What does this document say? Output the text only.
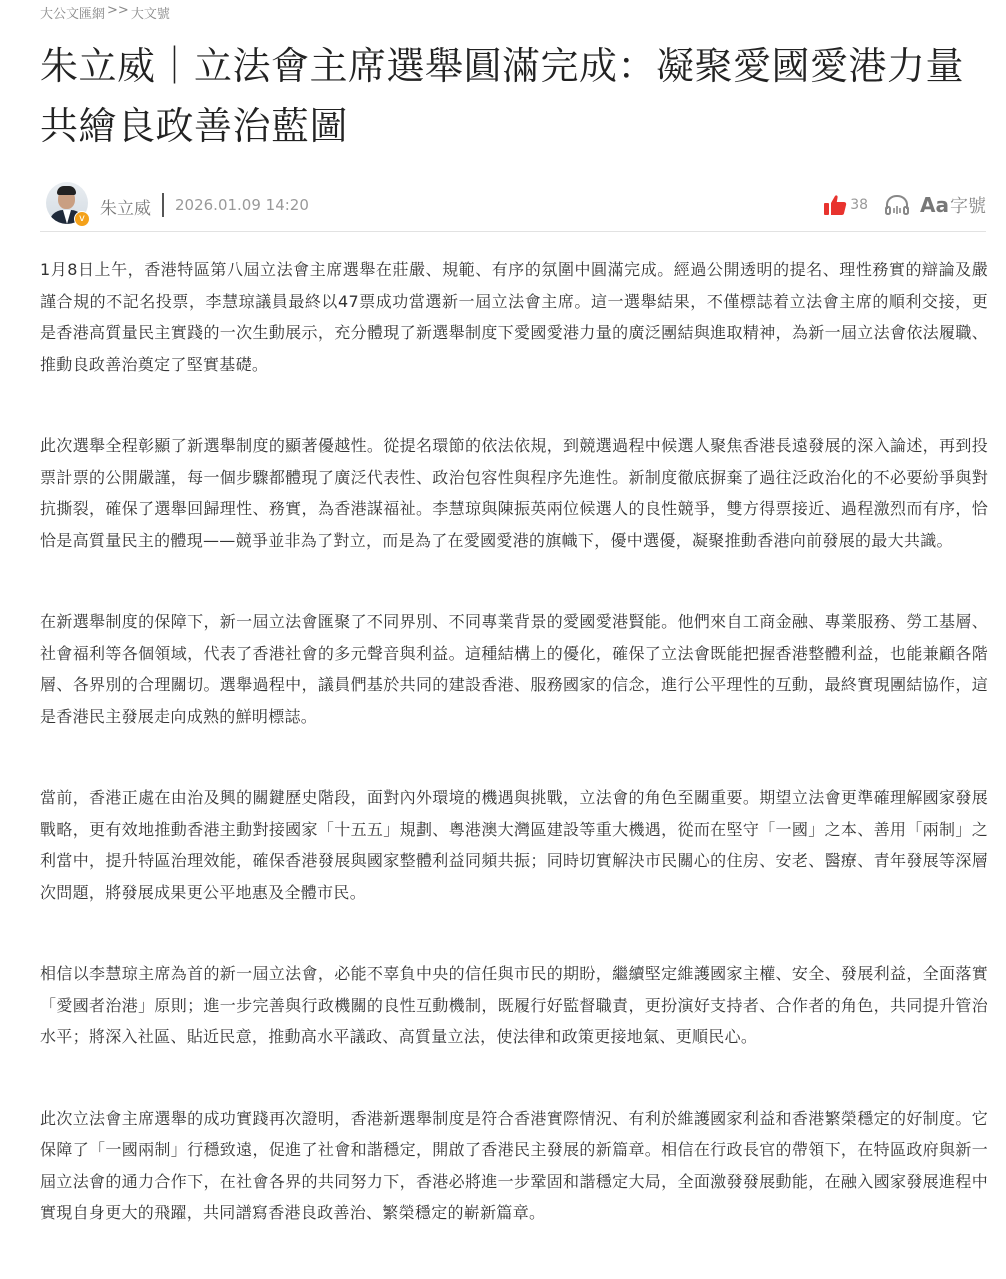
大公文匯網 >> 大文號
朱立威｜立法會主席選舉圓滿完成：凝聚愛國愛港力量 共繪良政善治藍圖
v 朱立威 2026.01.09 14:20	38	Aa 字號

1月8日上午，香港特區第八屆立法會主席選舉在莊嚴、規範、有序的氛圍中圓滿完成。經過公開透明的提名、理性務實的辯論及嚴謹合規的不記名投票，李慧琼議員最終以47票成功當選新一屆立法會主席。這一選舉結果，不僅標誌着立法會主席的順利交接，更是香港高質量民主實踐的一次生動展示，充分體現了新選舉制度下愛國愛港力量的廣泛團結與進取精神，為新一屆立法會依法履職、推動良政善治奠定了堅實基礎。

此次選舉全程彰顯了新選舉制度的顯著優越性。從提名環節的依法依規，到競選過程中候選人聚焦香港長遠發展的深入論述，再到投票計票的公開嚴謹，每一個步驟都體現了廣泛代表性、政治包容性與程序先進性。新制度徹底摒棄了過往泛政治化的不必要紛爭與對抗撕裂，確保了選舉回歸理性、務實，為香港謀福祉。李慧琼與陳振英兩位候選人的良性競爭，雙方得票接近、過程激烈而有序，恰恰是高質量民主的體現——競爭並非為了對立，而是為了在愛國愛港的旗幟下，優中選優，凝聚推動香港向前發展的最大共識。

在新選舉制度的保障下，新一屆立法會匯聚了不同界別、不同專業背景的愛國愛港賢能。他們來自工商金融、專業服務、勞工基層、社會福利等各個領域，代表了香港社會的多元聲音與利益。這種結構上的優化，確保了立法會既能把握香港整體利益，也能兼顧各階層、各界別的合理關切。選舉過程中，議員們基於共同的建設香港、服務國家的信念，進行公平理性的互動，最終實現團結協作，這是香港民主發展走向成熟的鮮明標誌。

當前，香港正處在由治及興的關鍵歷史階段，面對內外環境的機遇與挑戰，立法會的角色至關重要。期望立法會更準確理解國家發展戰略，更有效地推動香港主動對接國家「十五五」規劃、粵港澳大灣區建設等重大機遇，從而在堅守「一國」之本、善用「兩制」之利當中，提升特區治理效能，確保香港發展與國家整體利益同頻共振；同時切實解決市民關心的住房、安老、醫療、青年發展等深層次問題，將發展成果更公平地惠及全體市民。

相信以李慧琼主席為首的新一屆立法會，必能不辜負中央的信任與市民的期盼，繼續堅定維護國家主權、安全、發展利益，全面落實「愛國者治港」原則；進一步完善與行政機關的良性互動機制，既履行好監督職責，更扮演好支持者、合作者的角色，共同提升管治水平；將深入社區、貼近民意，推動高水平議政、高質量立法，使法律和政策更接地氣、更順民心。

此次立法會主席選舉的成功實踐再次證明，香港新選舉制度是符合香港實際情況、有利於維護國家利益和香港繁榮穩定的好制度。它保障了「一國兩制」行穩致遠，促進了社會和諧穩定，開啟了香港民主發展的新篇章。相信在行政長官的帶領下，在特區政府與新一屆立法會的通力合作下，在社會各界的共同努力下，香港必將進一步鞏固和諧穩定大局，全面激發發展動能，在融入國家發展進程中實現自身更大的飛躍，共同譜寫香港良政善治、繁榮穩定的嶄新篇章。
